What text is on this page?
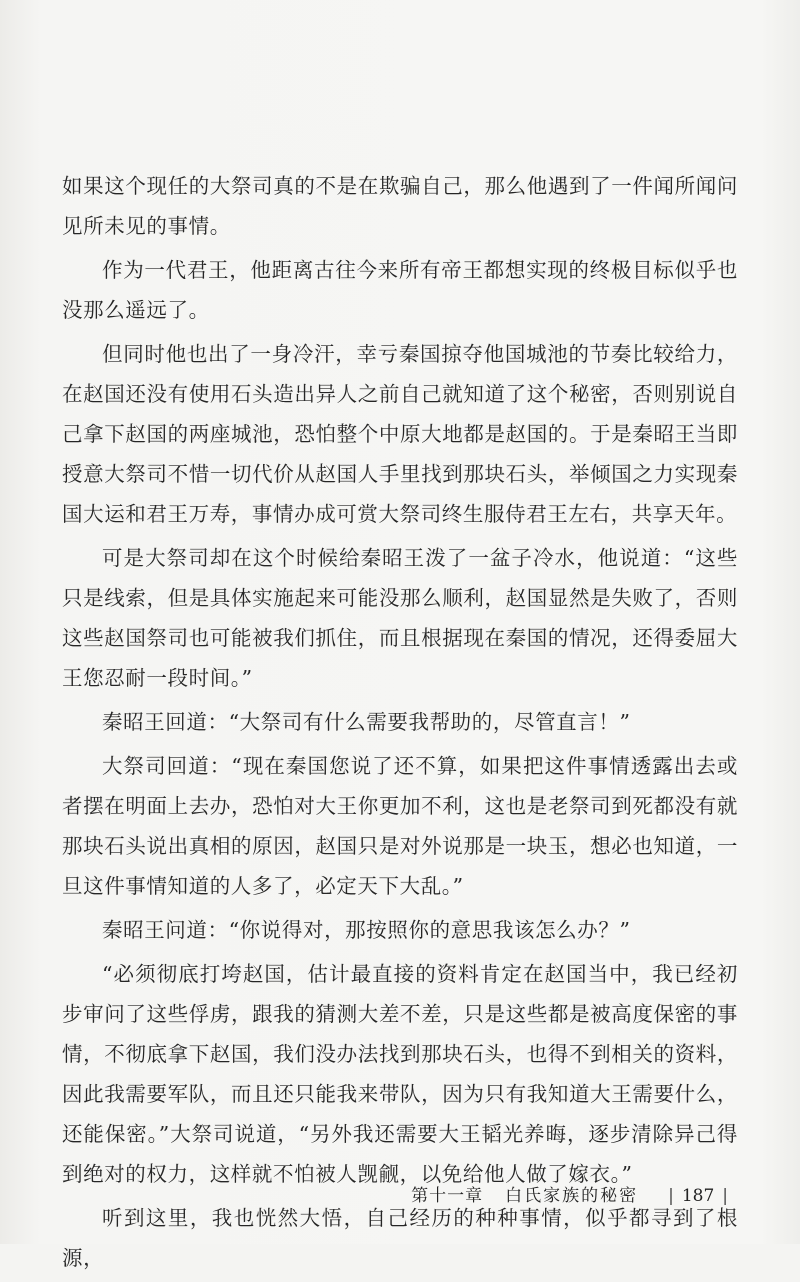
如果这个现任的大祭司真的不是在欺骗自己，那么他遇到了一件闻所闻问见所未见的事情。

作为一代君王，他距离古往今来所有帝王都想实现的终极目标似乎也没那么遥远了。

但同时他也出了一身冷汗，幸亏秦国掠夺他国城池的节奏比较给力，在赵国还没有使用石头造出异人之前自己就知道了这个秘密，否则别说自己拿下赵国的两座城池，恐怕整个中原大地都是赵国的。于是秦昭王当即授意大祭司不惜一切代价从赵国人手里找到那块石头，举倾国之力实现秦国大运和君王万寿，事情办成可赏大祭司终生服侍君王左右，共享天年。

可是大祭司却在这个时候给秦昭王泼了一盆子冷水，他说道：“这些只是线索，但是具体实施起来可能没那么顺利，赵国显然是失败了，否则这些赵国祭司也可能被我们抓住，而且根据现在秦国的情况，还得委屈大王您忍耐一段时间。”

秦昭王回道：“大祭司有什么需要我帮助的，尽管直言！”

大祭司回道：“现在秦国您说了还不算，如果把这件事情透露出去或者摆在明面上去办，恐怕对大王你更加不利，这也是老祭司到死都没有就那块石头说出真相的原因，赵国只是对外说那是一块玉，想必也知道，一旦这件事情知道的人多了，必定天下大乱。”

秦昭王问道：“你说得对，那按照你的意思我该怎么办？”

“必须彻底打垮赵国，估计最直接的资料肯定在赵国当中，我已经初步审问了这些俘虏，跟我的猜测大差不差，只是这些都是被高度保密的事情，不彻底拿下赵国，我们没办法找到那块石头，也得不到相关的资料，因此我需要军队，而且还只能我来带队，因为只有我知道大王需要什么，还能保密。”大祭司说道，“另外我还需要大王韬光养晦，逐步清除异己得到绝对的权力，这样就不怕被人觊觎，以免给他人做了嫁衣。”

听到这里，我也恍然大悟，自己经历的种种事情，似乎都寻到了根源，

第十一章 白氏家族的秘密 | 187 |
